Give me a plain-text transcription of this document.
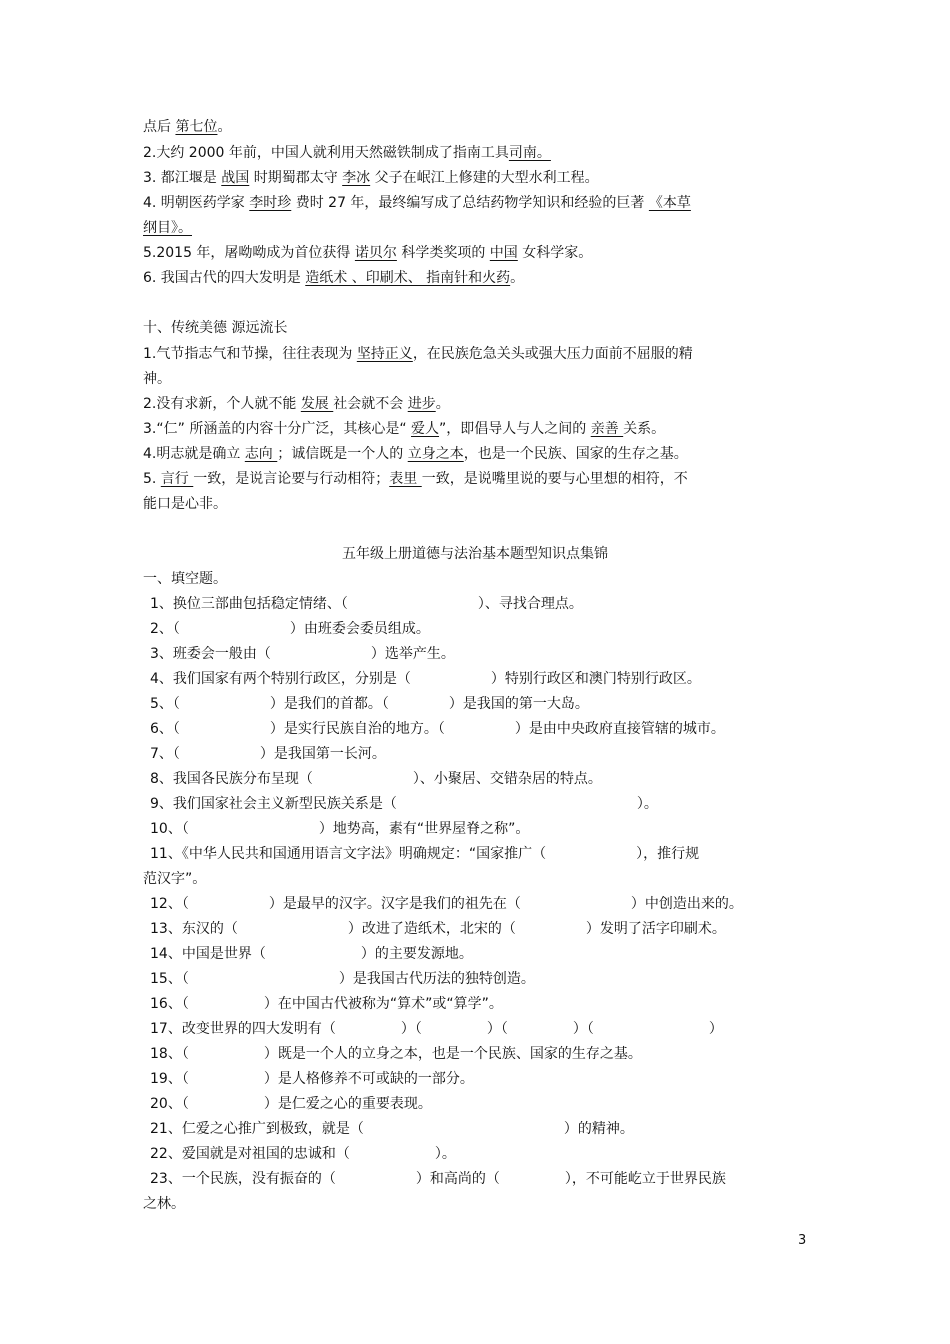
点后 第七位。
2.大约 2000 年前，中国人就利用天然磁铁制成了指南工具司南。
3. 都江堰是 战国 时期蜀郡太守 李冰 父子在岷江上修建的大型水利工程。
4. 明朝医药学家 李时珍 费时 27 年，最终编写成了总结药物学知识和经验的巨著 《本草
纲目》。
5.2015 年，屠呦呦成为首位获得 诺贝尔 科学类奖项的 中国 女科学家。
6. 我国古代的四大发明是 造纸术 、印刷术、 指南针和火药。
十、传统美德 源远流长
1.气节指志气和节操，往往表现为 坚持正义，在民族危急关头或强大压力面前不屈服的精
神。
2.没有求新，个人就不能 发展 社会就不会 进步。
3.“仁” 所涵盖的内容十分广泛，其核心是“ 爱人”，即倡导人与人之间的 亲善 关系。
4.明志就是确立 志向 ；诚信既是一个人的 立身之本，也是一个民族、国家的生存之基。
5. 言行 一致，是说言论要与行动相符；表里 一致，是说嘴里说的要与心里想的相符，不
能口是心非。
五年级上册道德与法治基本题型知识点集锦
一、填空题。
1、换位三部曲包括稳定情绪、（	）、寻找合理点。
2、（	）由班委会委员组成。
3、班委会一般由（	）选举产生。
4、我们国家有两个特别行政区，分别是（	）特别行政区和澳门特别行政区。
5、（	）是我们的首都。（	）是我国的第一大岛。
6、（	）是实行民族自治的地方。（	）是由中央政府直接管辖的城市。
7、（	）是我国第一长河。
8、我国各民族分布呈现（	）、小聚居、交错杂居的特点。
9、我们国家社会主义新型民族关系是（	）。
10、（	）地势高，素有“世界屋脊之称”。
11、《中华人民共和国通用语言文字法》明确规定：“国家推广（	），推行规
范汉字”。
12、（	）是最早的汉字。汉字是我们的祖先在（	）中创造出来的。
13、东汉的（	）改进了造纸术，北宋的（	）发明了活字印刷术。
14、中国是世界（	）的主要发源地。
15、（	）是我国古代历法的独特创造。
16、（	）在中国古代被称为“算术”或“算学”。
17、改变世界的四大发明有（	）（	）（	）（	）
18、（	）既是一个人的立身之本，也是一个民族、国家的生存之基。
19、（	）是人格修养不可或缺的一部分。
20、（	）是仁爱之心的重要表现。
21、仁爱之心推广到极致，就是（	）的精神。
22、爱国就是对祖国的忠诚和（	）。
23、一个民族，没有振奋的（	）和高尚的（	），不可能屹立于世界民族
之林。
3
